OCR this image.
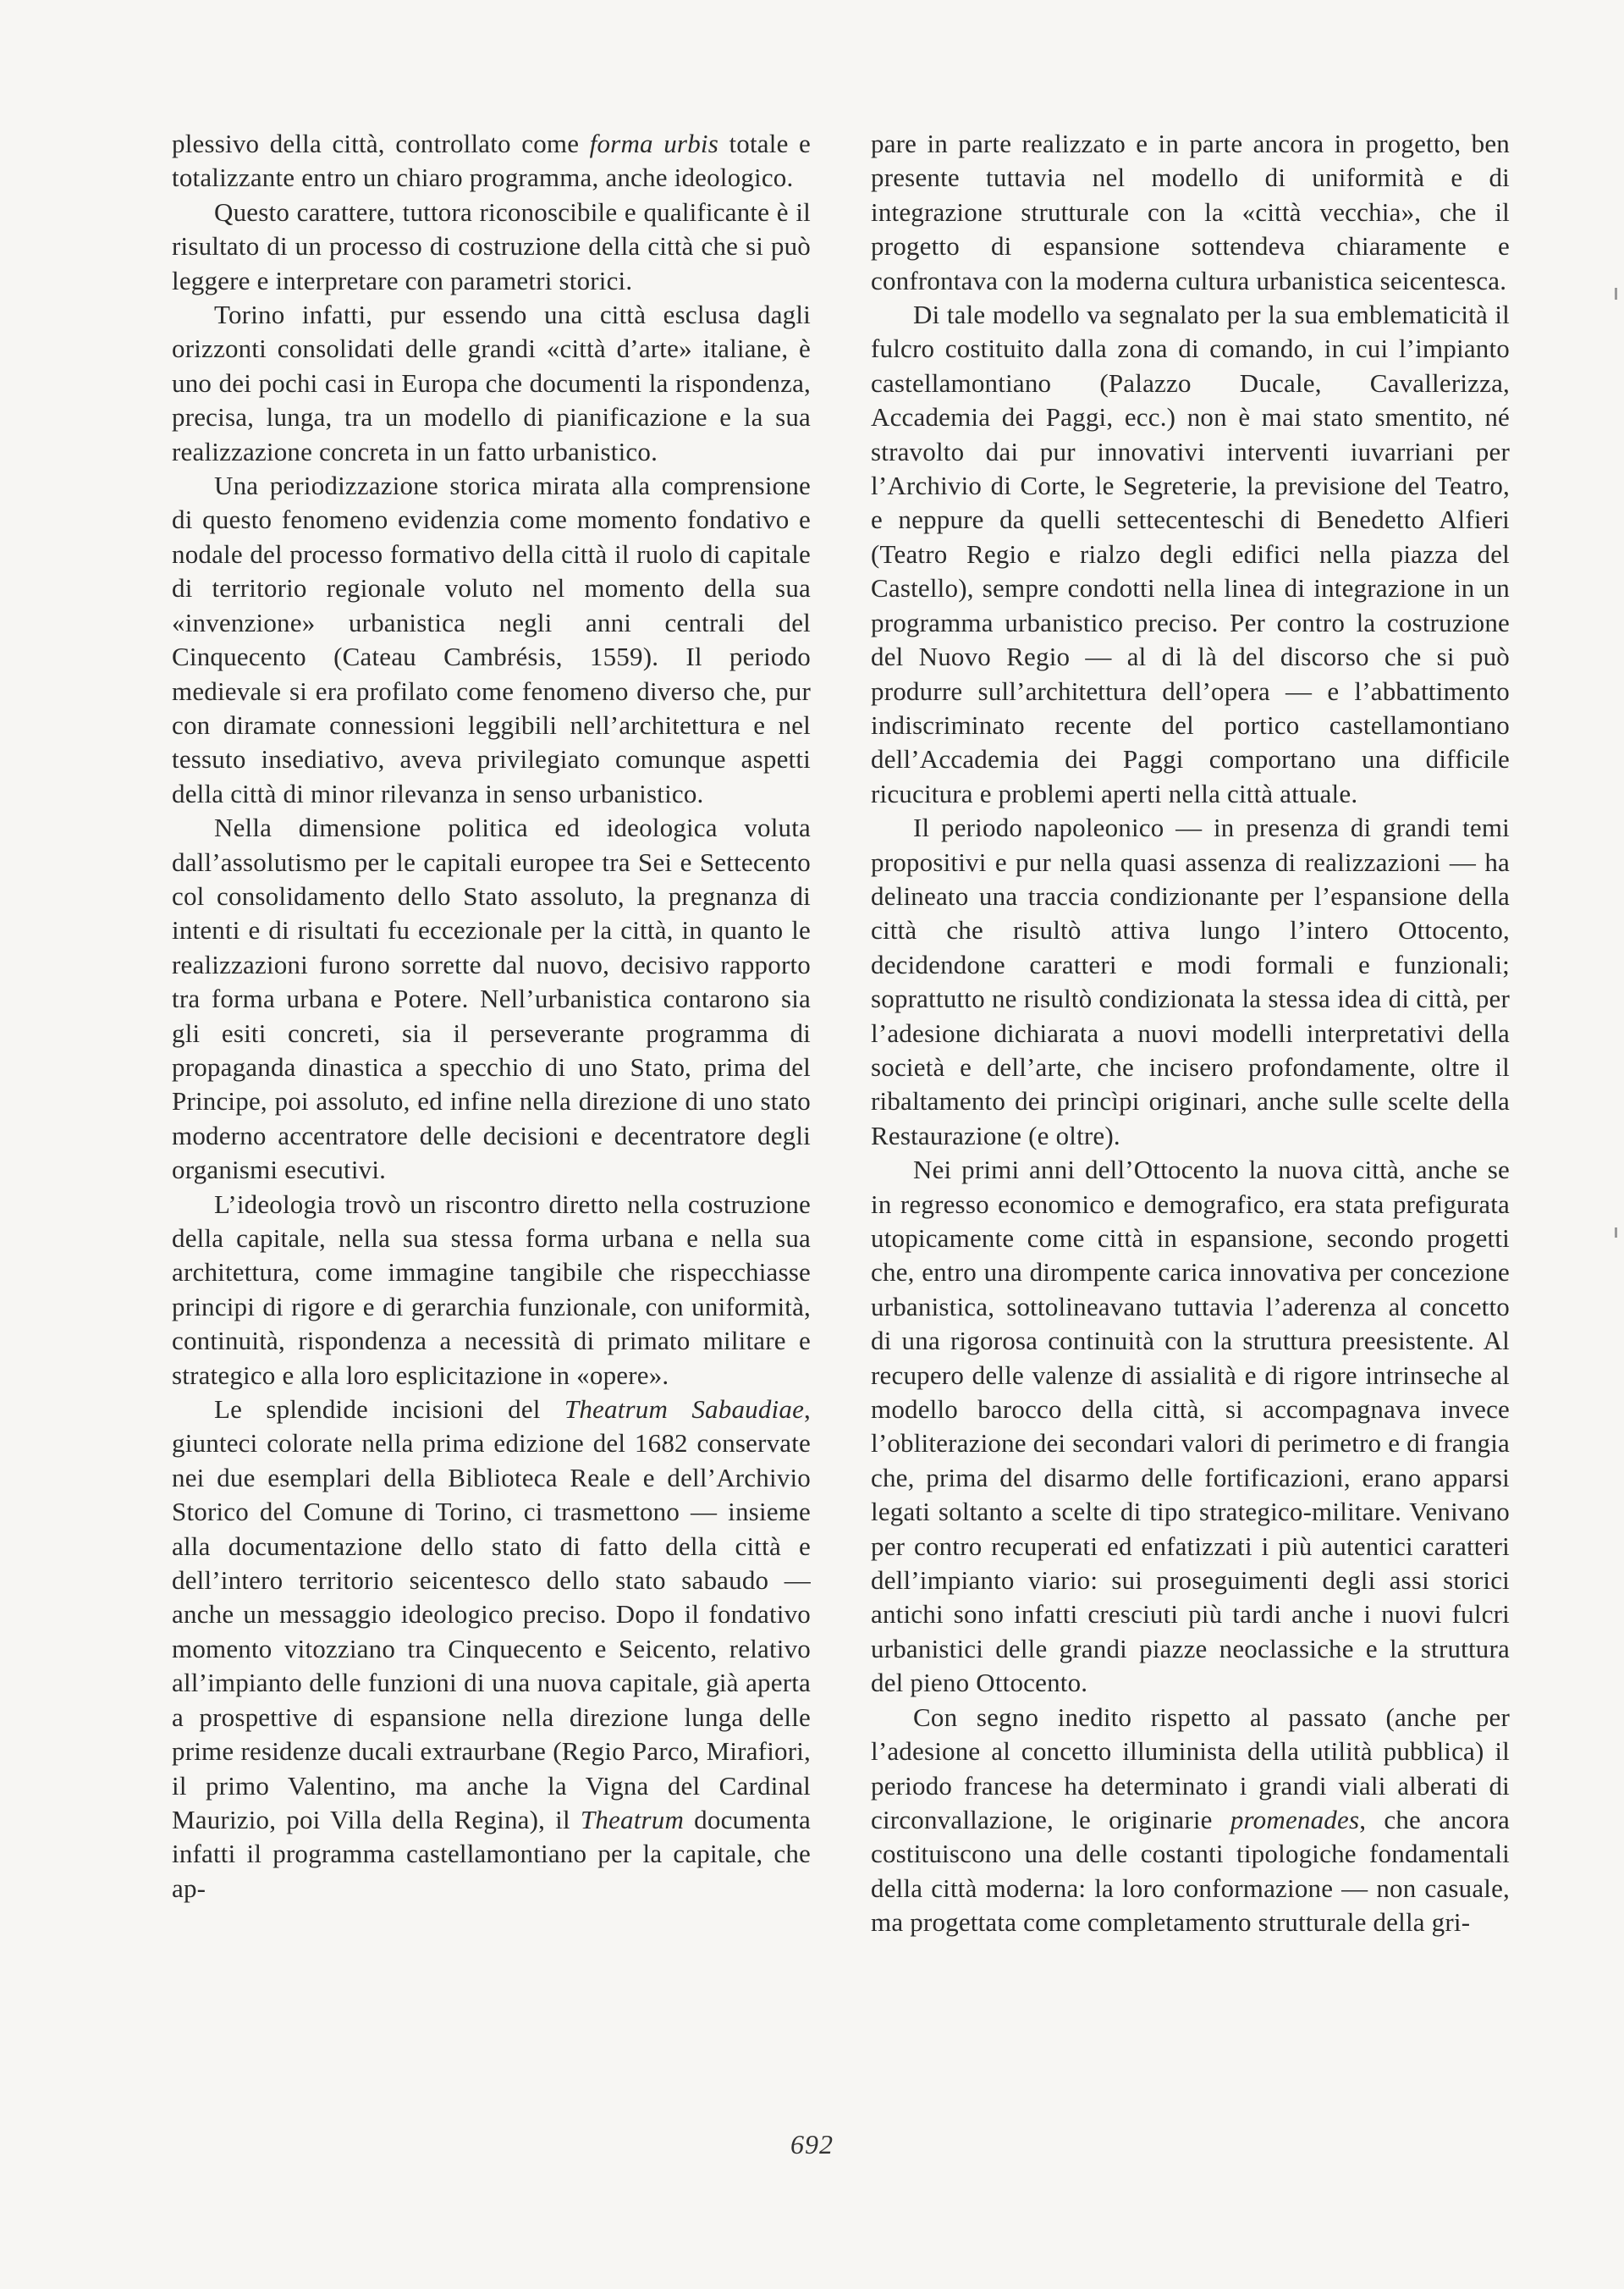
plessivo della città, controllato come forma urbis totale e totalizzante entro un chiaro programma, anche ideologico.

Questo carattere, tuttora riconoscibile e qualificante è il risultato di un processo di costruzione della città che si può leggere e interpretare con parametri storici.

Torino infatti, pur essendo una città esclusa dagli orizzonti consolidati delle grandi «città d’arte» italiane, è uno dei pochi casi in Europa che documenti la rispondenza, precisa, lunga, tra un modello di pianificazione e la sua realizzazione concreta in un fatto urbanistico.

Una periodizzazione storica mirata alla comprensione di questo fenomeno evidenzia come momento fondativo e nodale del processo formativo della città il ruolo di capitale di territorio regionale voluto nel momento della sua «invenzione» urbanistica negli anni centrali del Cinquecento (Cateau Cambrésis, 1559). Il periodo medievale si era profilato come fenomeno diverso che, pur con diramate connessioni leggibili nell’architettura e nel tessuto insediativo, aveva privilegiato comunque aspetti della città di minor rilevanza in senso urbanistico.

Nella dimensione politica ed ideologica voluta dall’assolutismo per le capitali europee tra Sei e Settecento col consolidamento dello Stato assoluto, la pregnanza di intenti e di risultati fu eccezionale per la città, in quanto le realizzazioni furono sorrette dal nuovo, decisivo rapporto tra forma urbana e Potere. Nell’urbanistica contarono sia gli esiti concreti, sia il perseverante programma di propaganda dinastica a specchio di uno Stato, prima del Principe, poi assoluto, ed infine nella direzione di uno stato moderno accentratore delle decisioni e decentratore degli organismi esecutivi.

L’ideologia trovò un riscontro diretto nella costruzione della capitale, nella sua stessa forma urbana e nella sua architettura, come immagine tangibile che rispecchiasse principi di rigore e di gerarchia funzionale, con uniformità, continuità, rispondenza a necessità di primato militare e strategico e alla loro esplicitazione in «opere».

Le splendide incisioni del Theatrum Sabaudiae, giunteci colorate nella prima edizione del 1682 conservate nei due esemplari della Biblioteca Reale e dell’Archivio Storico del Comune di Torino, ci trasmettono — insieme alla documentazione dello stato di fatto della città e dell’intero territorio seicentesco dello stato sabaudo — anche un messaggio ideologico preciso. Dopo il fondativo momento vitozziano tra Cinquecento e Seicento, relativo all’impianto delle funzioni di una nuova capitale, già aperta a prospettive di espansione nella direzione lunga delle prime residenze ducali extraurbane (Regio Parco, Mirafiori, il primo Valentino, ma anche la Vigna del Cardinal Maurizio, poi Villa della Regina), il Theatrum documenta infatti il programma castellamontiano per la capitale, che ap-

pare in parte realizzato e in parte ancora in progetto, ben presente tuttavia nel modello di uniformità e di integrazione strutturale con la «città vecchia», che il progetto di espansione sottendeva chiaramente e confrontava con la moderna cultura urbanistica seicentesca.

Di tale modello va segnalato per la sua emblematicità il fulcro costituito dalla zona di comando, in cui l’impianto castellamontiano (Palazzo Ducale, Cavallerizza, Accademia dei Paggi, ecc.) non è mai stato smentito, né stravolto dai pur innovativi interventi iuvarriani per l’Archivio di Corte, le Segreterie, la previsione del Teatro, e neppure da quelli settecenteschi di Benedetto Alfieri (Teatro Regio e rialzo degli edifici nella piazza del Castello), sempre condotti nella linea di integrazione in un programma urbanistico preciso. Per contro la costruzione del Nuovo Regio — al di là del discorso che si può produrre sull’architettura dell’opera — e l’abbattimento indiscriminato recente del portico castellamontiano dell’Accademia dei Paggi comportano una difficile ricucitura e problemi aperti nella città attuale.

Il periodo napoleonico — in presenza di grandi temi propositivi e pur nella quasi assenza di realizzazioni — ha delineato una traccia condizionante per l’espansione della città che risultò attiva lungo l’intero Ottocento, decidendone caratteri e modi formali e funzionali; soprattutto ne risultò condizionata la stessa idea di città, per l’adesione dichiarata a nuovi modelli interpretativi della società e dell’arte, che incisero profondamente, oltre il ribaltamento dei princìpi originari, anche sulle scelte della Restaurazione (e oltre).

Nei primi anni dell’Ottocento la nuova città, anche se in regresso economico e demografico, era stata prefigurata utopicamente come città in espansione, secondo progetti che, entro una dirompente carica innovativa per concezione urbanistica, sottolineavano tuttavia l’aderenza al concetto di una rigorosa continuità con la struttura preesistente. Al recupero delle valenze di assialità e di rigore intrinseche al modello barocco della città, si accompagnava invece l’obliterazione dei secondari valori di perimetro e di frangia che, prima del disarmo delle fortificazioni, erano apparsi legati soltanto a scelte di tipo strategico-militare. Venivano per contro recuperati ed enfatizzati i più autentici caratteri dell’impianto viario: sui proseguimenti degli assi storici antichi sono infatti cresciuti più tardi anche i nuovi fulcri urbanistici delle grandi piazze neoclassiche e la struttura del pieno Ottocento.

Con segno inedito rispetto al passato (anche per l’adesione al concetto illuminista della utilità pubblica) il periodo francese ha determinato i grandi viali alberati di circonvallazione, le originarie promenades, che ancora costituiscono una delle costanti tipologiche fondamentali della città moderna: la loro conformazione — non casuale, ma progettata come completamento strutturale della gri-

692
